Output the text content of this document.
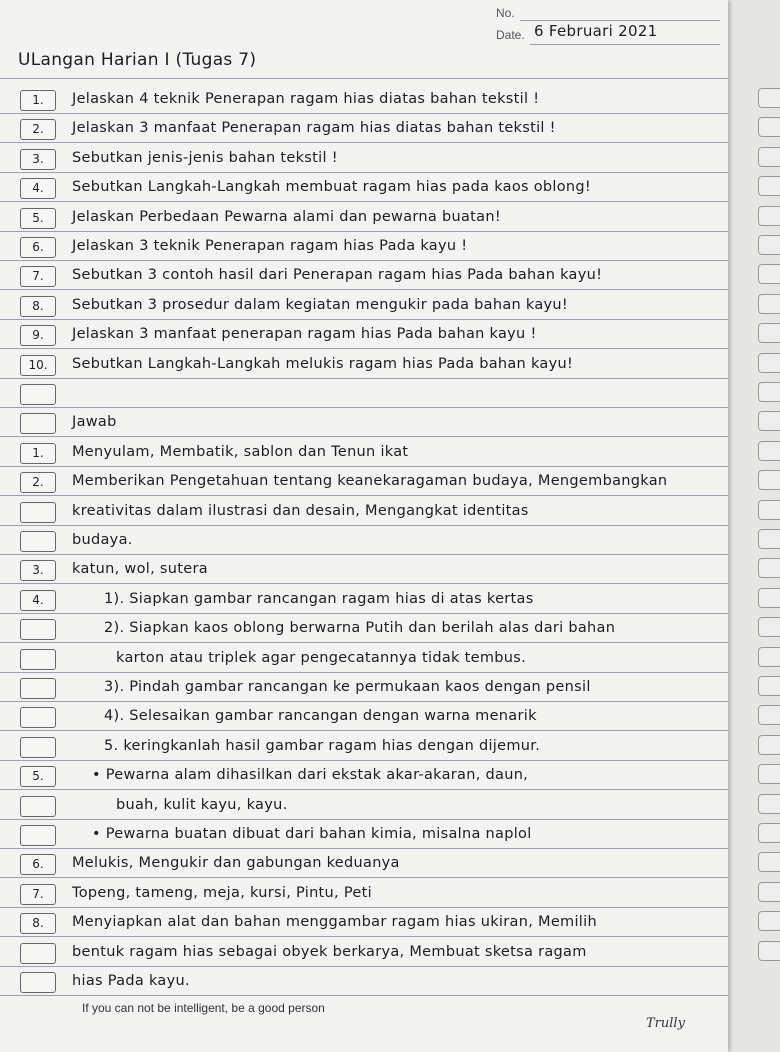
No.
Date. 6 Februari 2021
ULangan Harian I (Tugas 7)
1.	Jelaskan 4 teknik Penerapan ragam hias diatas bahan tekstil !
2.	Jelaskan 3 manfaat Penerapan ragam hias diatas bahan tekstil !
3.	Sebutkan jenis-jenis bahan tekstil !
4.	Sebutkan Langkah-Langkah membuat ragam hias pada kaos oblong!
5.	Jelaskan Perbedaan Pewarna alami dan pewarna buatan!
6.	Jelaskan 3 teknik Penerapan ragam hias Pada kayu !
7.	Sebutkan 3 contoh hasil dari Penerapan ragam hias Pada bahan kayu!
8.	Sebutkan 3 prosedur dalam kegiatan mengukir pada bahan kayu!
9.	Jelaskan 3 manfaat penerapan ragam hias Pada bahan kayu !
10.	Sebutkan Langkah-Langkah melukis ragam hias Pada bahan kayu!
Jawab
1.	Menyulam, Membatik, sablon dan Tenun ikat
2.	Memberikan Pengetahuan tentang keanekaragaman budaya, Mengembangkan
kreativitas dalam ilustrasi dan desain, Mengangkat identitas
budaya.
3.	katun, wol, sutera
4.	1). Siapkan gambar rancangan ragam hias di atas kertas
2). Siapkan kaos oblong berwarna Putih dan berilah alas dari bahan
karton atau triplek agar pengecatannya tidak tembus.
3). Pindah gambar rancangan ke permukaan kaos dengan pensil
4). Selesaikan gambar rancangan dengan warna menarik
5. keringkanlah hasil gambar ragam hias dengan dijemur.
5.	• Pewarna alam dihasilkan dari ekstak akar-akaran, daun,
buah, kulit kayu, kayu.
• Pewarna buatan dibuat dari bahan kimia, misalna naplol
6.	Melukis, Mengukir dan gabungan keduanya
7.	Topeng, tameng, meja, kursi, Pintu, Peti
8.	Menyiapkan alat dan bahan menggambar ragam hias ukiran, Memilih
bentuk ragam hias sebagai obyek berkarya, Membuat sketsa ragam
hias Pada kayu.
If you can not be intelligent, be a good person
Trully
